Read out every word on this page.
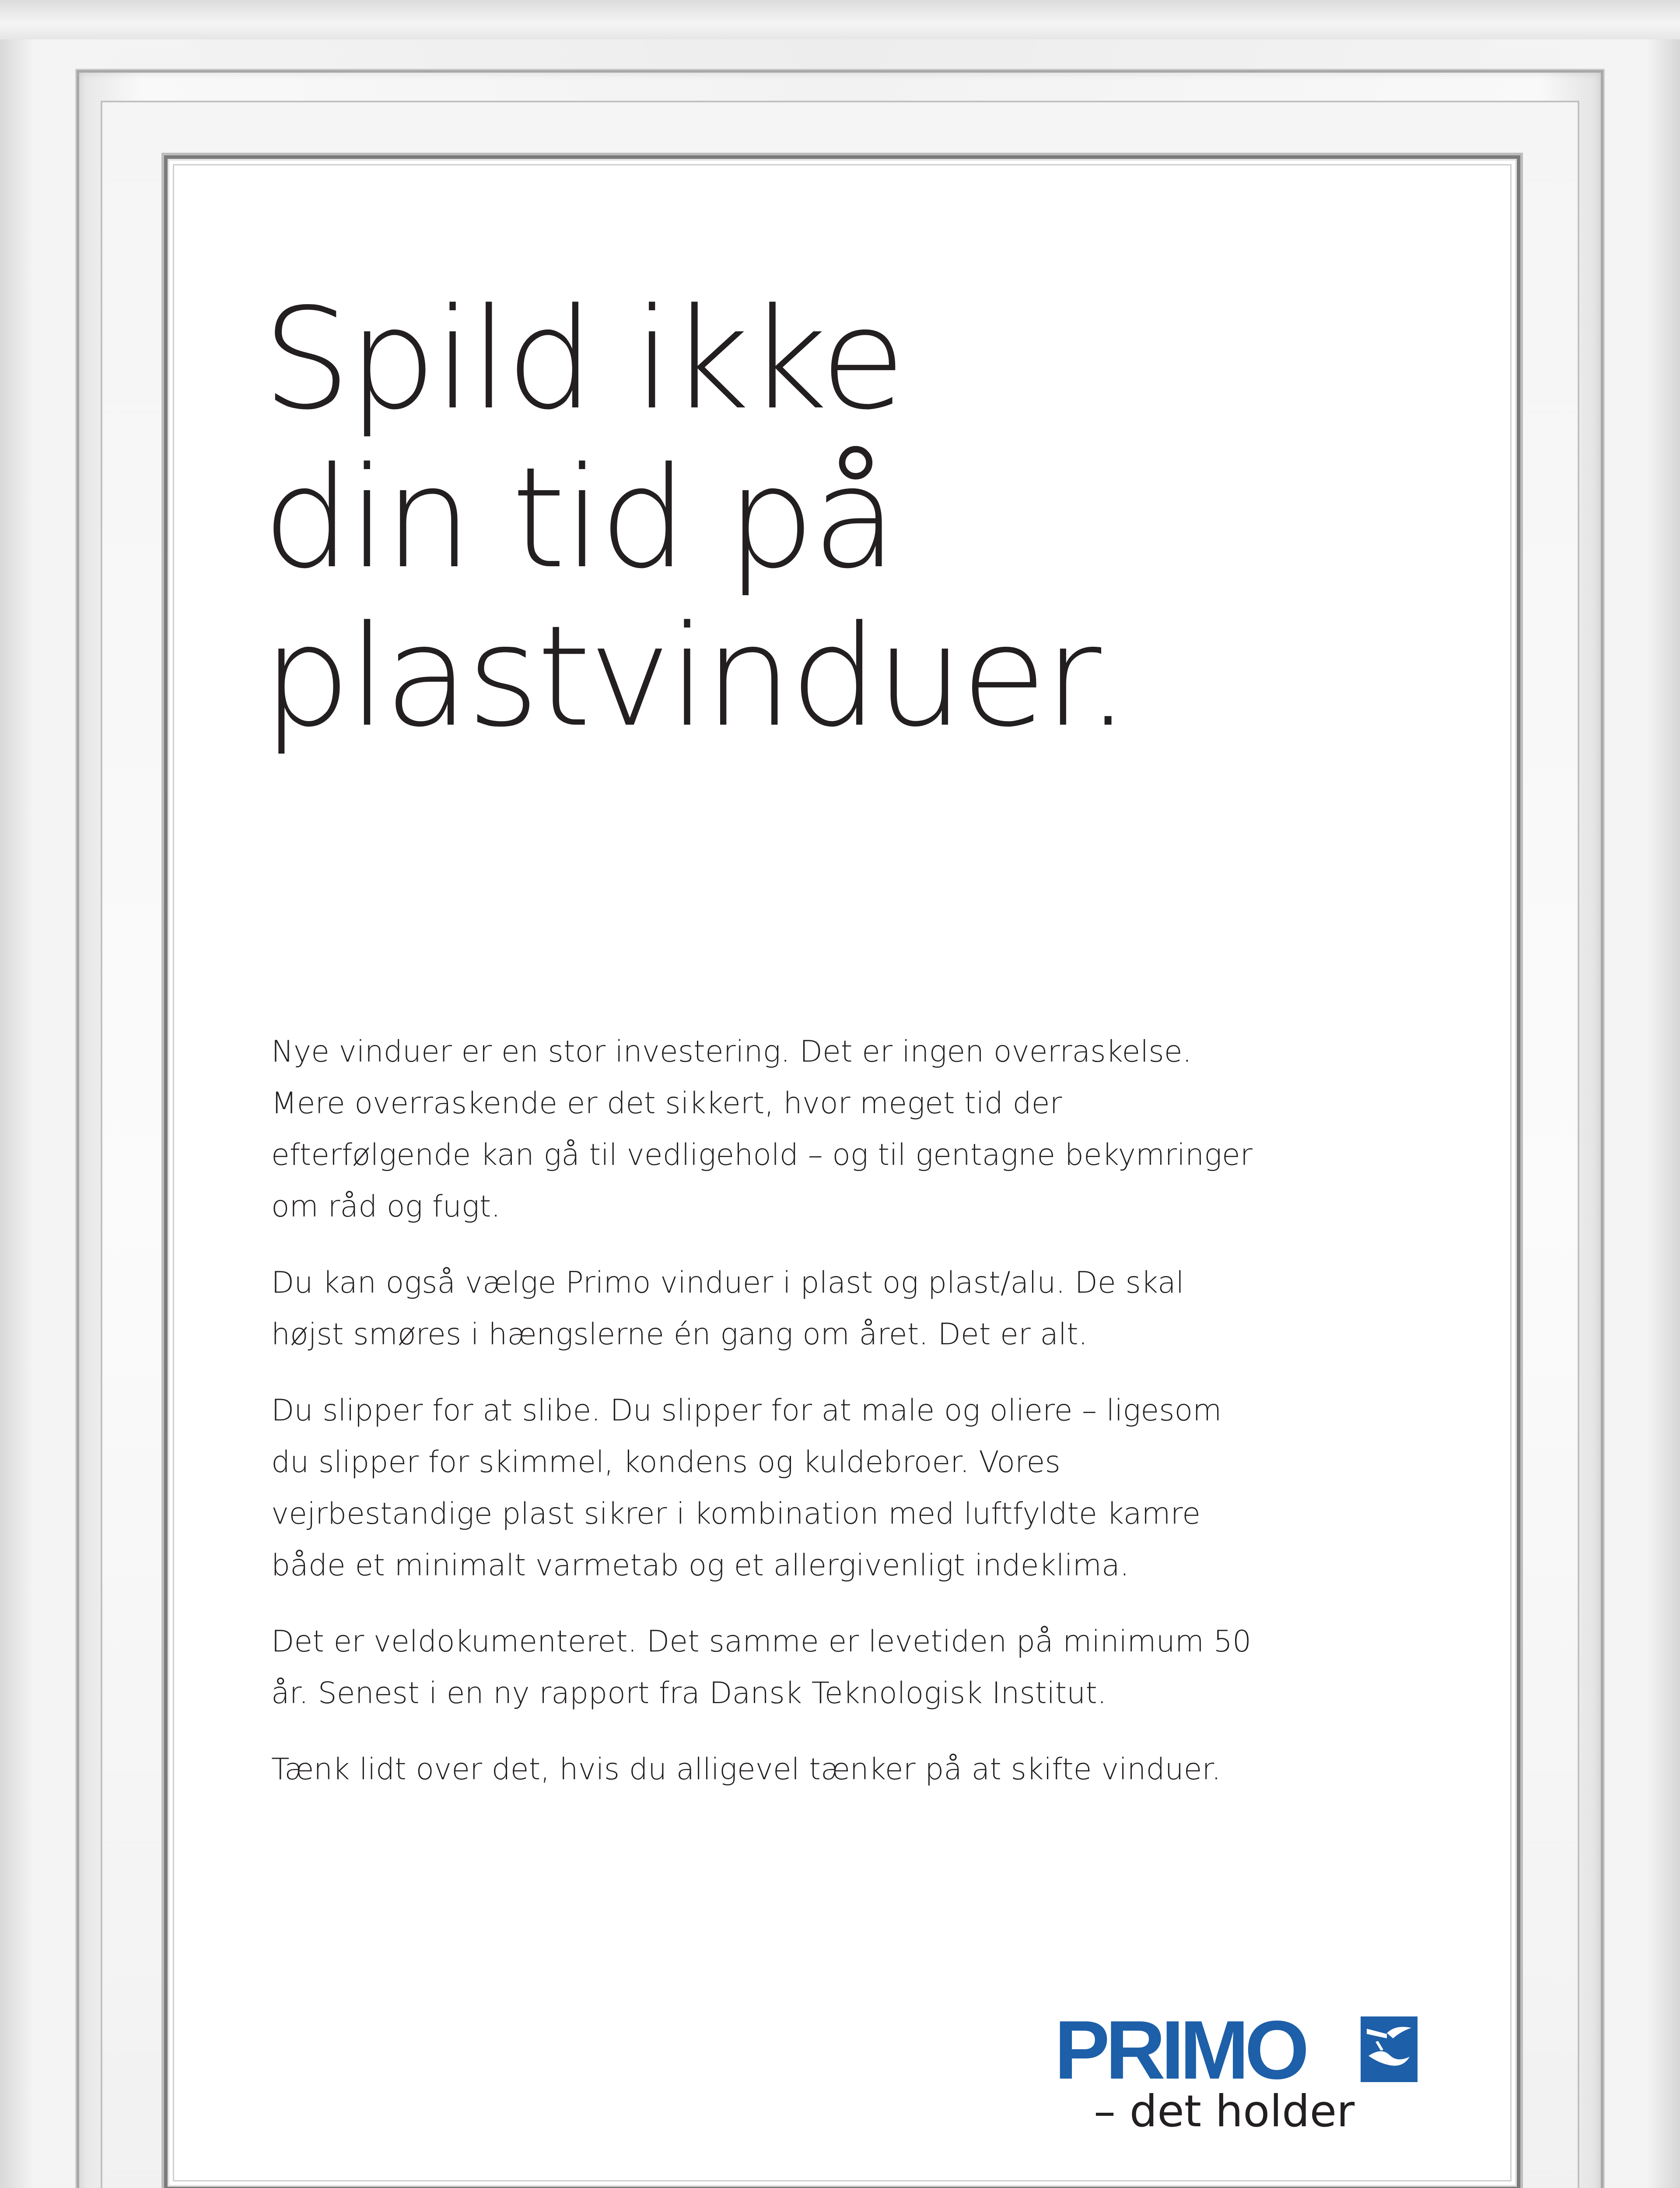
Spild ikke
din tid på
plastvinduer.

Nye vinduer er en stor investering. Det er ingen overraskelse. Mere overraskende er det sikkert, hvor meget tid der efterfølgende kan gå til vedligehold – og til gentagne bekymringer om råd og fugt.

Du kan også vælge Primo vinduer i plast og plast/alu. De skal højst smøres i hængslerne én gang om året. Det er alt.

Du slipper for at slibe. Du slipper for at male og oliere – ligesom du slipper for skimmel, kondens og kuldebroer. Vores vejrbestandige plast sikrer i kombination med luftfyldte kamre både et minimalt varmetab og et allergivenligt indeklima.

Det er veldokumenteret. Det samme er levetiden på minimum 50 år. Senest i en ny rapport fra Dansk Teknologisk Institut.

Tænk lidt over det, hvis du alligevel tænker på at skifte vinduer.

PRIMO
– det holder
